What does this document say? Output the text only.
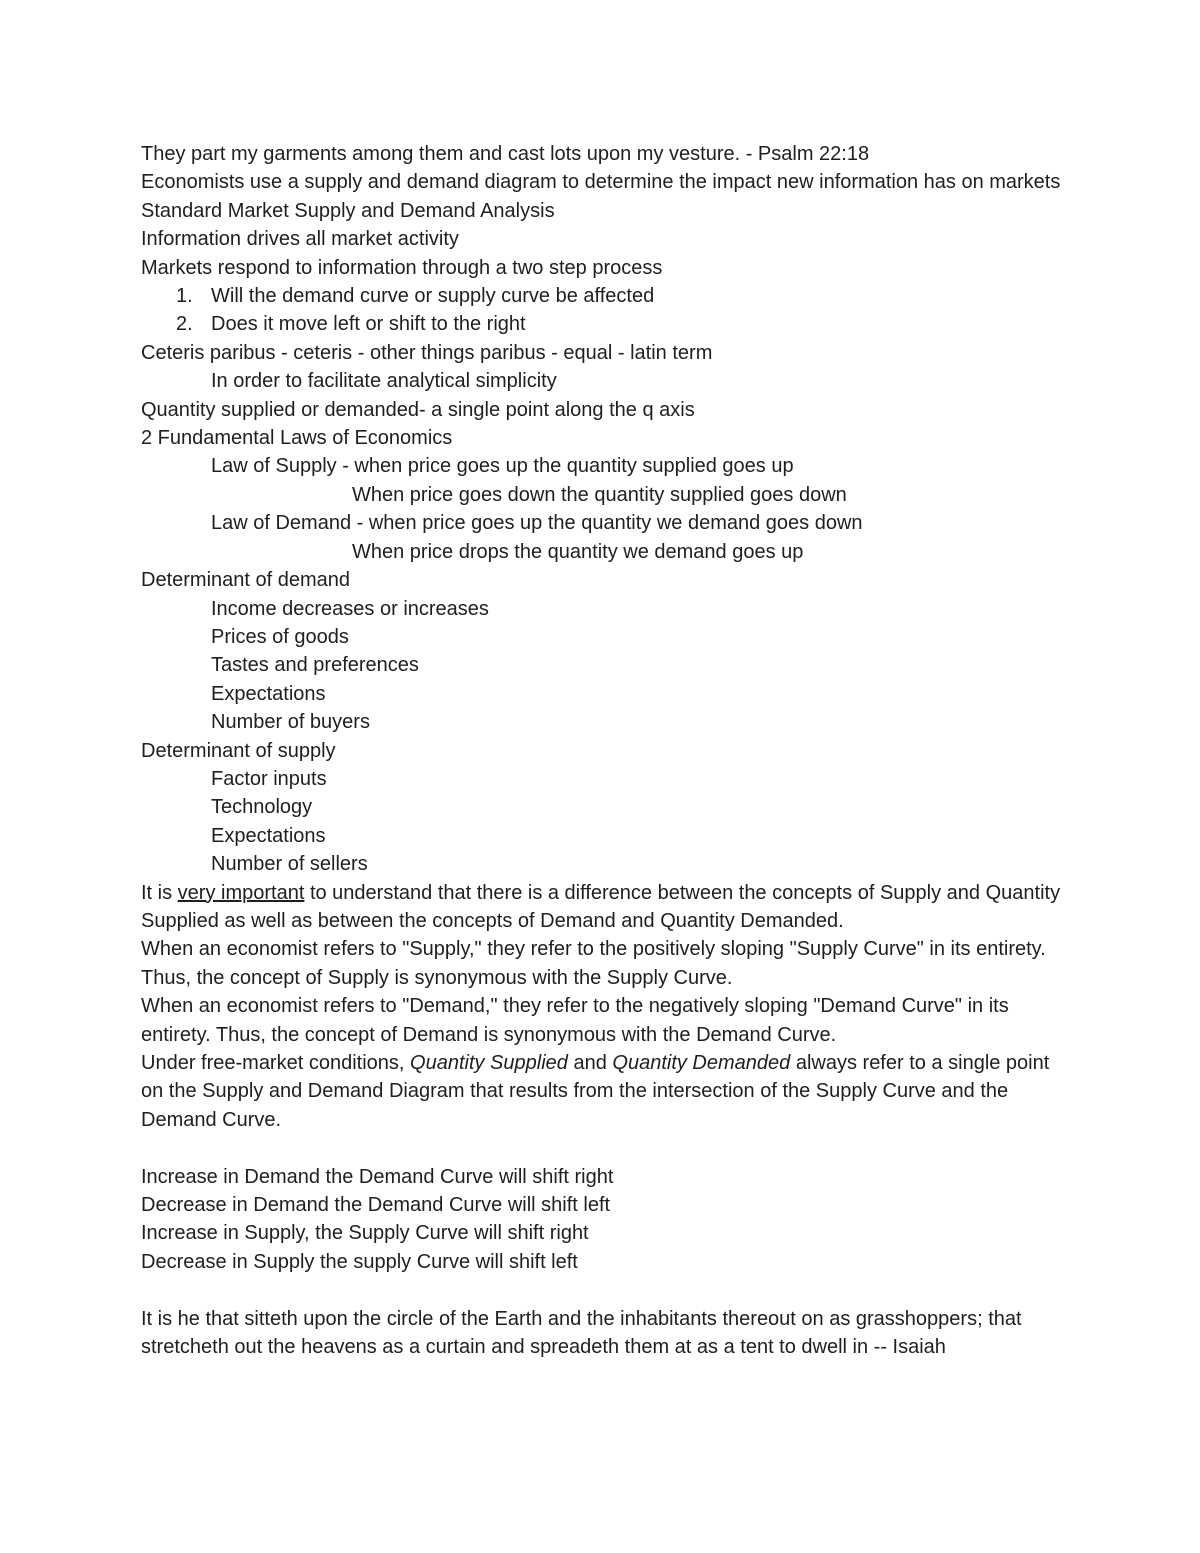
They part my garments among them and cast lots upon my vesture. - Psalm 22:18

Economists use a supply and demand diagram to determine the impact new information has on markets

Standard Market Supply and Demand Analysis

Information drives all market activity

Markets respond to information through a two step process

1. Will the demand curve or supply curve be affected

2. Does it move left or shift to the right

Ceteris paribus - ceteris - other things paribus - equal - latin term

In order to facilitate analytical simplicity

Quantity supplied or demanded- a single point along the q axis

2 Fundamental Laws of Economics

Law of Supply - when price goes up the quantity supplied goes up

When price goes down the quantity supplied goes down

Law of Demand - when price goes up the quantity we demand goes down

When price drops the quantity we demand goes up

Determinant of demand

Income decreases or increases

Prices of goods

Tastes and preferences

Expectations

Number of buyers

Determinant of supply

Factor inputs

Technology

Expectations

Number of sellers

It is very important to understand that there is a difference between the concepts of Supply and Quantity Supplied as well as between the concepts of Demand and Quantity Demanded.

When an economist refers to "Supply," they refer to the positively sloping "Supply Curve" in its entirety. Thus, the concept of Supply is synonymous with the Supply Curve.

When an economist refers to "Demand," they refer to the negatively sloping "Demand Curve" in its entirety. Thus, the concept of Demand is synonymous with the Demand Curve.

Under free-market conditions, Quantity Supplied and Quantity Demanded always refer to a single point on the Supply and Demand Diagram that results from the intersection of the Supply Curve and the Demand Curve.

Increase in Demand the Demand Curve will shift right

Decrease in Demand the Demand Curve will shift left

Increase in Supply, the Supply Curve will shift right

Decrease in Supply the supply Curve will shift left

It is he that sitteth upon the circle of the Earth and the inhabitants thereout on as grasshoppers; that stretcheth out the heavens as a curtain and spreadeth them at as a tent to dwell in -- Isaiah
